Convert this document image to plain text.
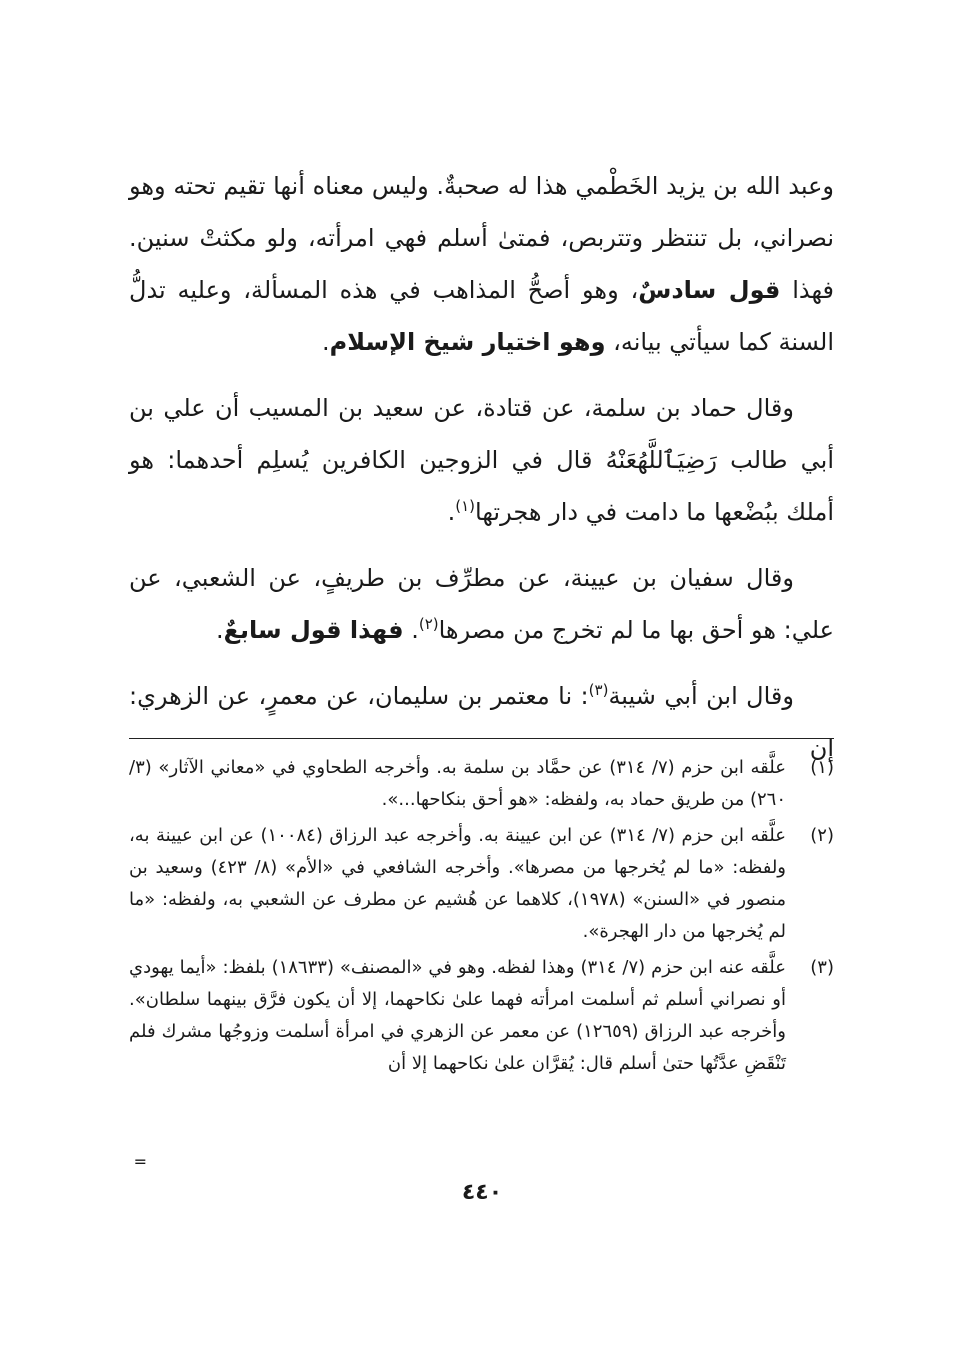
وعبد الله بن يزيد الخَطْمي هذا له صحبةٌ. وليس معناه أنها تقيم تحته وهو نصراني، بل تنتظر وتتربص، فمتىٰ أسلم فهي امرأته، ولو مكثتْ سنين. فهذا قول سادسٌ، وهو أصحُّ المذاهب في هذه المسألة، وعليه تدلُّ السنة كما سيأتي بيانه، وهو اختيار شيخ الإسلام.

وقال حماد بن سلمة، عن قتادة، عن سعيد بن المسيب أن علي بن أبي طالب رَضِيَٱللَّهُعَنْهُ قال في الزوجين الكافرين يُسلِم أحدهما: هو أملك ببُضْعها ما دامت في دار هجرتها$^{(١)}$.

وقال سفيان بن عيينة، عن مطرِّف بن طريفٍ، عن الشعبي، عن علي: هو أحق بها ما لم تخرج من مصرها$^{(٢)}$. فهذا قول سابعٌ.

وقال ابن أبي شيبة$^{(٣)}$: نا معتمر بن سليمان، عن معمرٍ، عن الزهري: إن

(١)
علَّقه ابن حزم (٧/ ٣١٤) عن حمَّاد بن سلمة به. وأخرجه الطحاوي في «معاني الآثار» (٣/ ٢٦٠) من طريق حماد به، ولفظه: «هو أحق بنكاحها...».
(٢)
علَّقه ابن حزم (٧/ ٣١٤) عن ابن عيينة به. وأخرجه عبد الرزاق (١٠٠٨٤) عن ابن عيينة به، ولفظه: «ما لم يُخرجها من مصرها». وأخرجه الشافعي في «الأم» (٨/ ٤٢٣) وسعيد بن منصور في «السنن» (١٩٧٨)، كلاهما عن هُشيم عن مطرف عن الشعبي به، ولفظه: «ما لم يُخرجها من دار الهجرة».
(٣)
علَّقه عنه ابن حزم (٧/ ٣١٤) وهذا لفظه. وهو في «المصنف» (١٨٦٣٣) بلفظ: «أيما يهودي أو نصراني أسلم ثم أسلمت امرأته فهما علىٰ نكاحهما، إلا أن يكون فرَّق بينهما سلطان». وأخرجه عبد الرزاق (١٢٦٥٩) عن معمر عن الزهري في امرأة أسلمت وزوجُها مشرك فلم تَنْقَضِ عدَّتُها حتىٰ أسلم قال: يُقرَّان علىٰ نكاحهما إلا أن
=
٤٤٠
